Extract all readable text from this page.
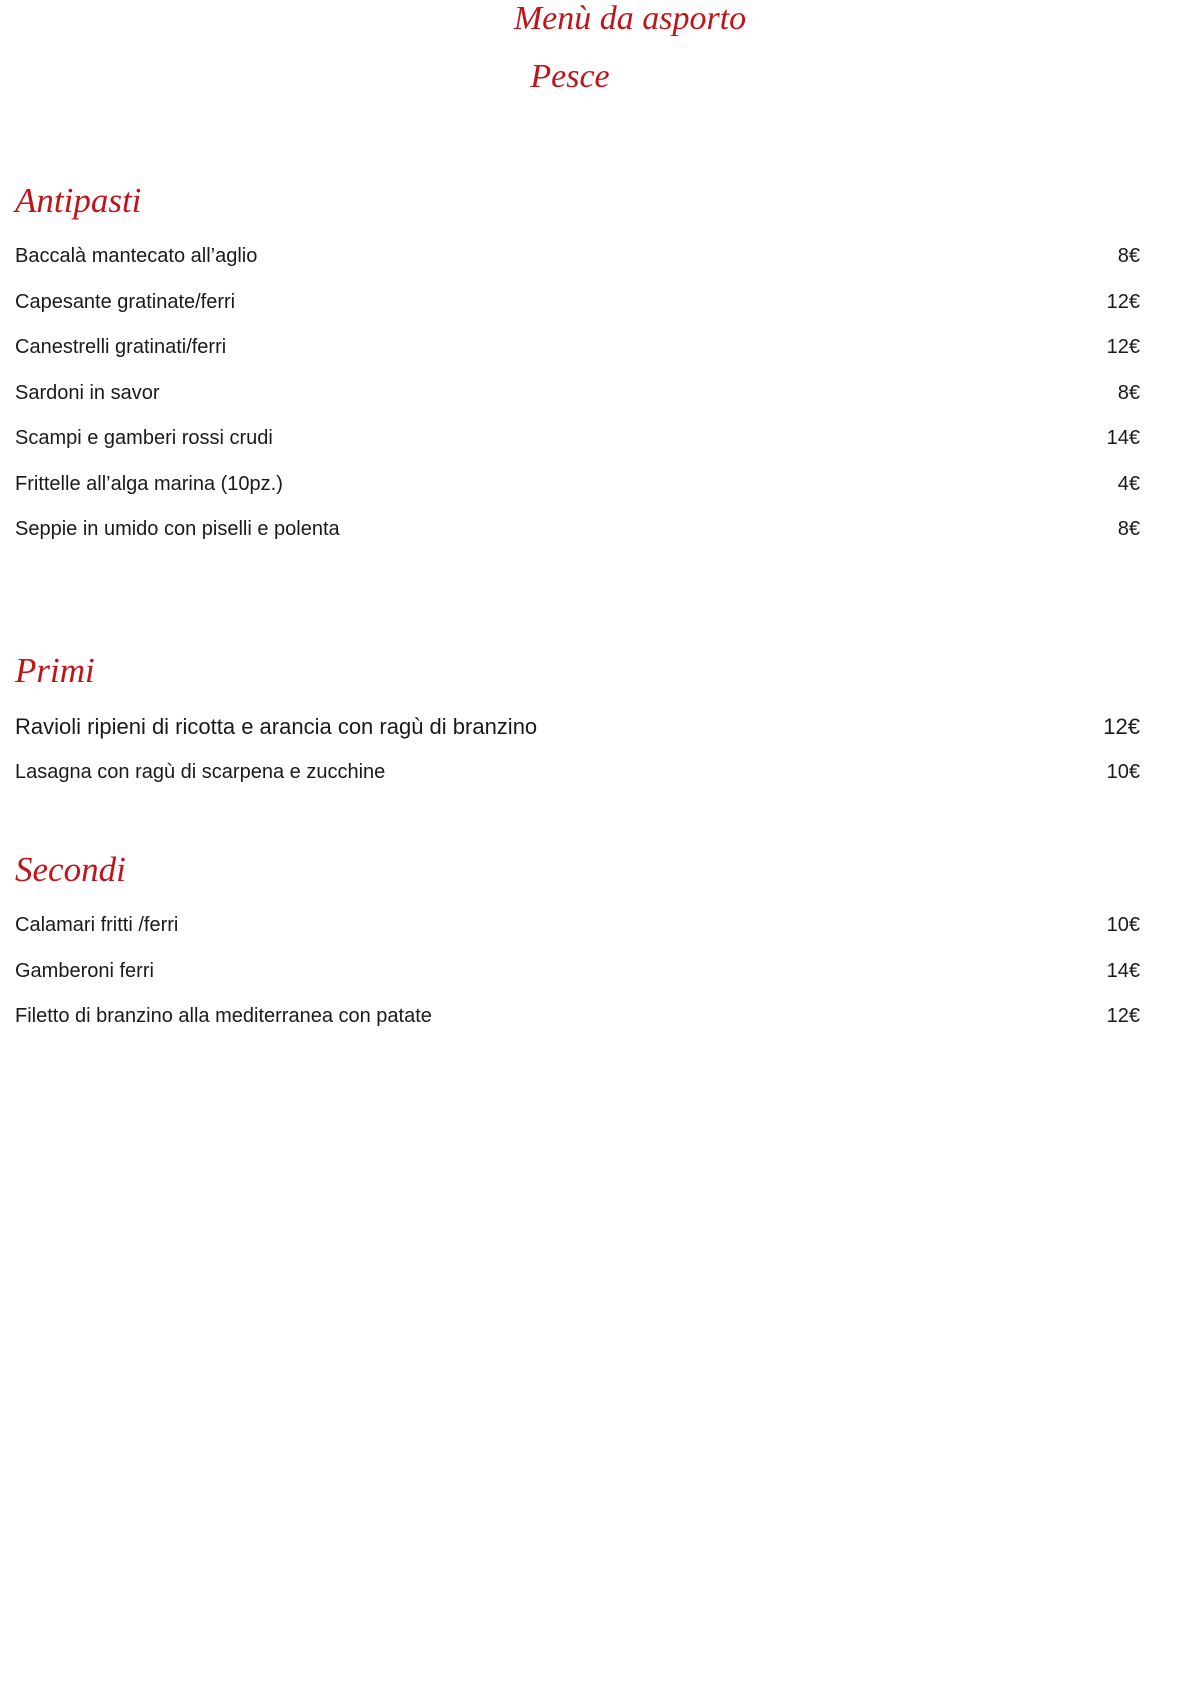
Menù da asporto
Pesce
Antipasti
Baccalà mantecato all’aglio	8€
Capesante gratinate/ferri	12€
Canestrelli gratinati/ferri	12€
Sardoni in savor	8€
Scampi e gamberi rossi crudi	14€
Frittelle all’alga marina (10pz.)	4€
Seppie in umido con piselli e polenta	8€
Primi
Ravioli ripieni di ricotta e arancia con ragù di branzino	12€
Lasagna con ragù di scarpena e zucchine	10€
Secondi
Calamari fritti /ferri	10€
Gamberoni ferri	14€
Filetto di branzino alla mediterranea con patate	12€
